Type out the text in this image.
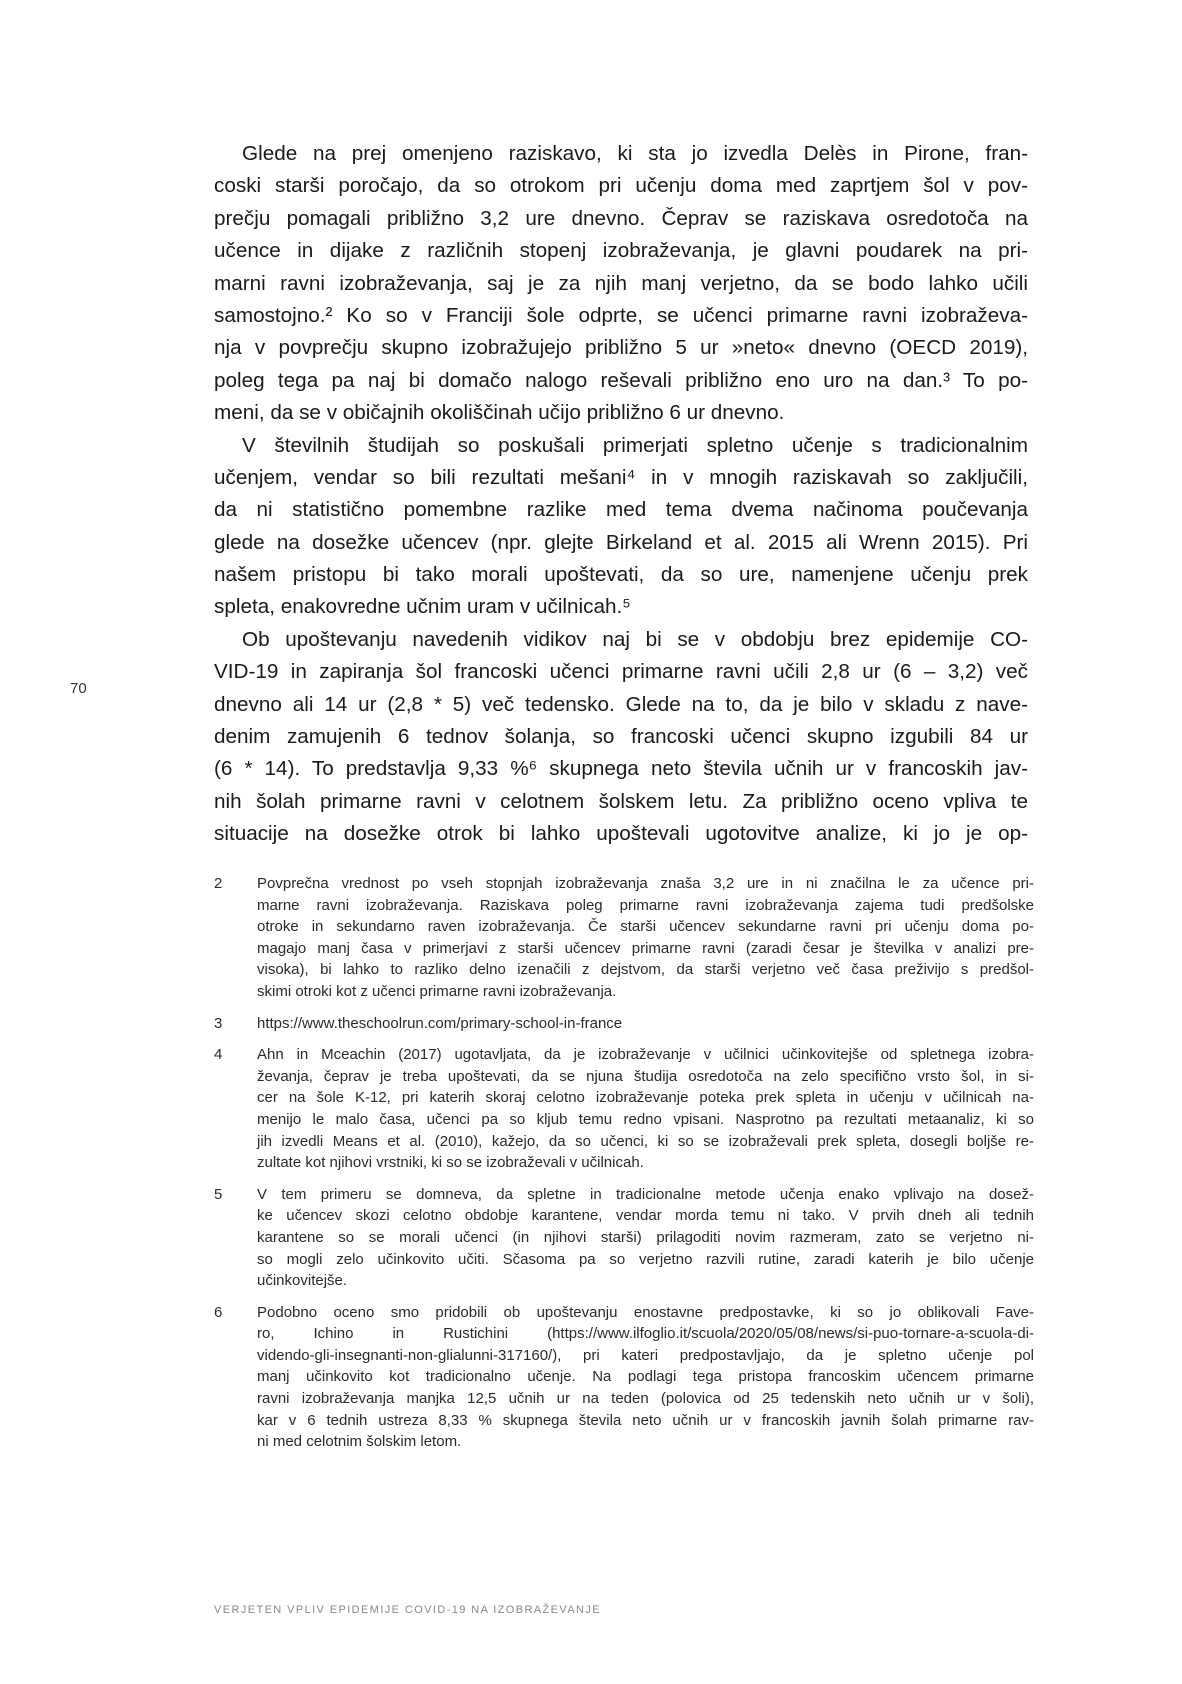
Glede na prej omenjeno raziskavo, ki sta jo izvedla Delès in Pirone, fran-
coski starši poročajo, da so otrokom pri učenju doma med zaprtjem šol v pov-
prečju pomagali približno 3,2 ure dnevno. Čeprav se raziskava osredotoča na
učence in dijake z različnih stopenj izobraževanja, je glavni poudarek na pri-
marni ravni izobraževanja, saj je za njih manj verjetno, da se bodo lahko učili
samostojno.² Ko so v Franciji šole odprte, se učenci primarne ravni izobraževa-
nja v povprečju skupno izobražujejo približno 5 ur »neto« dnevno (OECD 2019),
poleg tega pa naj bi domačo nalogo reševali približno eno uro na dan.³ To po-
meni, da se v običajnih okoliščinah učijo približno 6 ur dnevno.
V številnih študijah so poskušali primerjati spletno učenje s tradicionalnim
učenjem, vendar so bili rezultati mešani⁴ in v mnogih raziskavah so zaključili,
da ni statistično pomembne razlike med tema dvema načinoma poučevanja
glede na dosežke učencev (npr. glejte Birkeland et al. 2015 ali Wrenn 2015). Pri
našem pristopu bi tako morali upoštevati, da so ure, namenjene učenju prek
spleta, enakovredne učnim uram v učilnicah.⁵
Ob upoštevanju navedenih vidikov naj bi se v obdobju brez epidemije CO-
VID-19 in zapiranja šol francoski učenci primarne ravni učili 2,8 ur (6 – 3,2) več
dnevno ali 14 ur (2,8 * 5) več tedensko. Glede na to, da je bilo v skladu z nave-
denim zamujenih 6 tednov šolanja, so francoski učenci skupno izgubili 84 ur
(6 * 14). To predstavlja 9,33 %⁶ skupnega neto števila učnih ur v francoskih jav-
nih šolah primarne ravni v celotnem šolskem letu. Za približno oceno vpliva te
situacije na dosežke otrok bi lahko upoštevali ugotovitve analize, ki jo je op-
70
2	Povprečna vrednost po vseh stopnjah izobraževanja znaša 3,2 ure in ni značilna le za učence pri-
marne ravni izobraževanja. Raziskava poleg primarne ravni izobraževanja zajema tudi predšolske
otroke in sekundarno raven izobraževanja. Če starši učencev sekundarne ravni pri učenju doma po-
magajo manj časa v primerjavi z starši učencev primarne ravni (zaradi česar je številka v analizi pre-
visoka), bi lahko to razliko delno izenačili z dejstvom, da starši verjetno več časa preživijo s predšol-
skimi otroki kot z učenci primarne ravni izobraževanja.
3	https://www.theschoolrun.com/primary-school-in-france
4	Ahn in Mceachin (2017) ugotavljata, da je izobraževanje v učilnici učinkovitejše od spletnega izobra-
ževanja, čeprav je treba upoštevati, da se njuna študija osredotoča na zelo specifično vrsto šol, in si-
cer na šole K-12, pri katerih skoraj celotno izobraževanje poteka prek spleta in učenju v učilnicah na-
menijo le malo časa, učenci pa so kljub temu redno vpisani. Nasprotno pa rezultati metaanaliz, ki so
jih izvedli Means et al. (2010), kažejo, da so učenci, ki so se izobraževali prek spleta, dosegli boljše re-
zultate kot njihovi vrstniki, ki so se izobraževali v učilnicah.
5	V tem primeru se domneva, da spletne in tradicionalne metode učenja enako vplivajo na dosež-
ke učencev skozi celotno obdobje karantene, vendar morda temu ni tako. V prvih dneh ali tednih
karantene so se morali učenci (in njihovi starši) prilagoditi novim razmeram, zato se verjetno ni-
so mogli zelo učinkovito učiti. Sčasoma pa so verjetno razvili rutine, zaradi katerih je bilo učenje
učinkovitejše.
6	Podobno oceno smo pridobili ob upoštevanju enostavne predpostavke, ki so jo oblikovali Fave-
ro, Ichino in Rustichini (https://www.ilfoglio.it/scuola/2020/05/08/news/si-puo-tornare-a-scuola-di-
videndo-gli-insegnanti-non-glialunni-317160/), pri kateri predpostavljajo, da je spletno učenje pol
manj učinkovito kot tradicionalno učenje. Na podlagi tega pristopa francoskim učencem primarne
ravni izobraževanja manjka 12,5 učnih ur na teden (polovica od 25 tedenskih neto učnih ur v šoli),
kar v 6 tednih ustreza 8,33 % skupnega števila neto učnih ur v francoskih javnih šolah primarne rav-
ni med celotnim šolskim letom.
VERJETEN VPLIV EPIDEMIJE COVID-19 NA IZOBRAŽEVANJE
